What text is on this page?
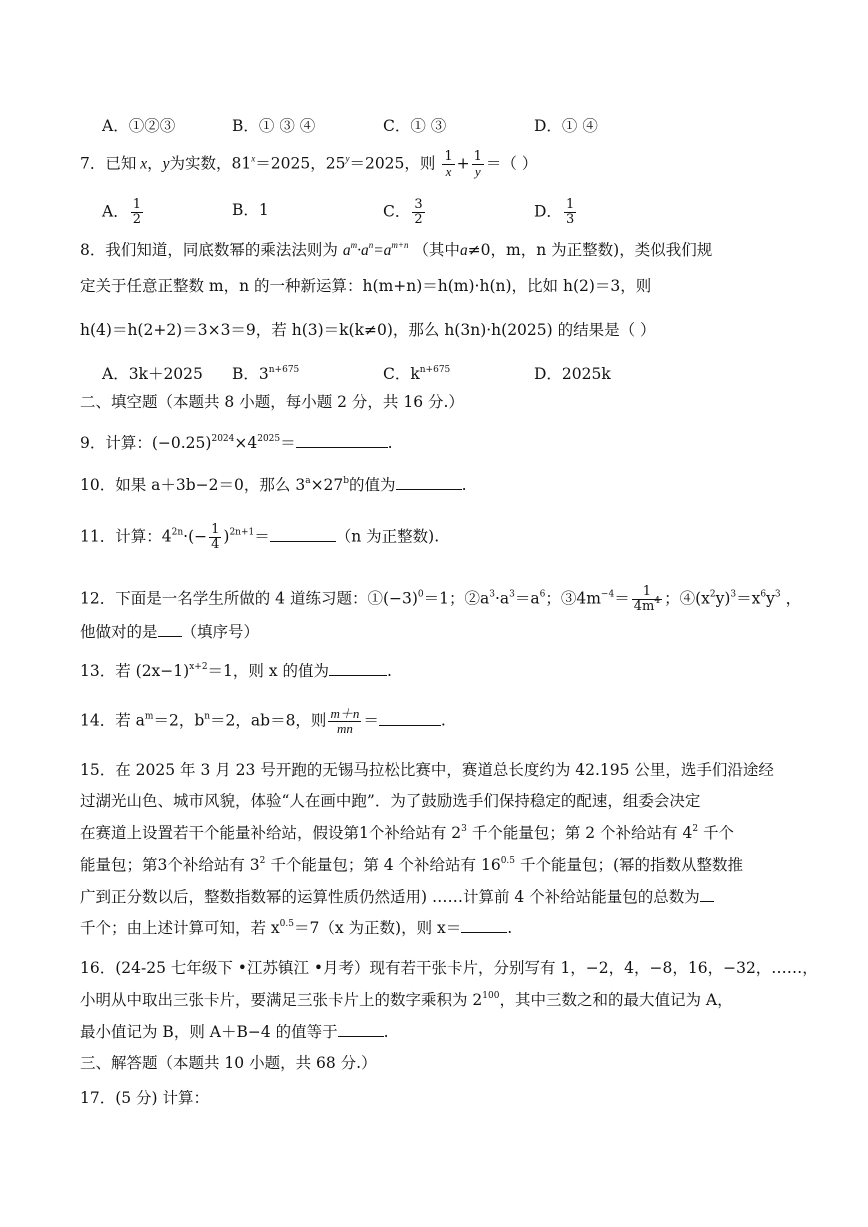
A．①②③	B．① ③ ④	C．① ③	D．① ④
7．已知 x，y为实数，$81^x=2025$，$25^y=2025$，则 $\frac{1}{x} + \frac{1}{y}$ ＝（ ）
A． $\frac{1}{2}$	B．1	C． $\frac{3}{2}$	D． $\frac{1}{3}$
8．我们知道，同底数幂的乘法法则为 $a^m\cdot a^n=a^{m+n}$ （其中a≠0，m，n 为正整数)，类似我们规
定关于任意正整数 m，n 的一种新运算：h(m+n)＝h(m)·h(n)，比如 h(2)＝3，则
h(4)＝h(2+2)＝3×3＝9，若 h(3)＝k(k≠0)，那么 h(3n)·h(2025) 的结果是（ ）
A．3k＋2025 B．$3^{n+675}$	C．$k^{n+675}$	D．2025k
二、填空题（本题共 8 小题，每小题 2 分，共 16 分.）
9．计算：$(-0.25)^{2024}\times 4^{2025}=$	.
10．如果 a＋3b−2＝0，那么 $3^a\times 27^b$的值为	.
11．计算：$4^{2n}\cdot(- \frac{1}{4} )^{2n+1}=$	（n 为正整数).
12．下面是一名学生所做的 4 道练习题：$①(-3)^0=1$；$②a^3\cdot a^3=a^6$；$③4m^{-4}= \frac{1}{4m^4}$ ；$④(x^2y)^3=x^6y^3$ ，
他做对的是 （填序号）
13．若 $(2x-1)^{x+2}=1$，则 x 的值为	.
14．若 $a^m=2$，$b^n=2$，ab＝8，则 $\frac{m+n}{mn}$ ＝	.
15．在 2025 年 3 月 23 号开跑的无锡马拉松比赛中，赛道总长度约为 42.195 公里，选手们沿途经
过湖光山色、城市风貌，体验“人在画中跑”．为了鼓励选手们保持稳定的配速，组委会决定
在赛道上设置若干个能量补给站，假设第1个补给站有 $2^3$ 千个能量包；第 2 个补给站有 $4^2$ 千个
能量包；第3个补给站有 $3^2$ 千个能量包；第 4 个补给站有 $16^{0.5}$ 千个能量包；(幂的指数从整数推
广到正分数以后，整数指数幂的运算性质仍然适用) ……计算前 4 个补给站能量包的总数为
千个；由上述计算可知，若 $x^{0.5}=7(x$ 为正数)，则 x＝	.
16．(24-25 七年级下 •江苏镇江 •月考）现有若干张卡片，分别写有 1，−2，4，−8，16，−32，……，
小明从中取出三张卡片，要满足三张卡片上的数字乘积为 $2^{100}$，其中三数之和的最大值记为 A，
最小值记为 B，则 A＋B−4 的值等于	.
三、解答题（本题共 10 小题，共 68 分.）
17．(5 分) 计算：
